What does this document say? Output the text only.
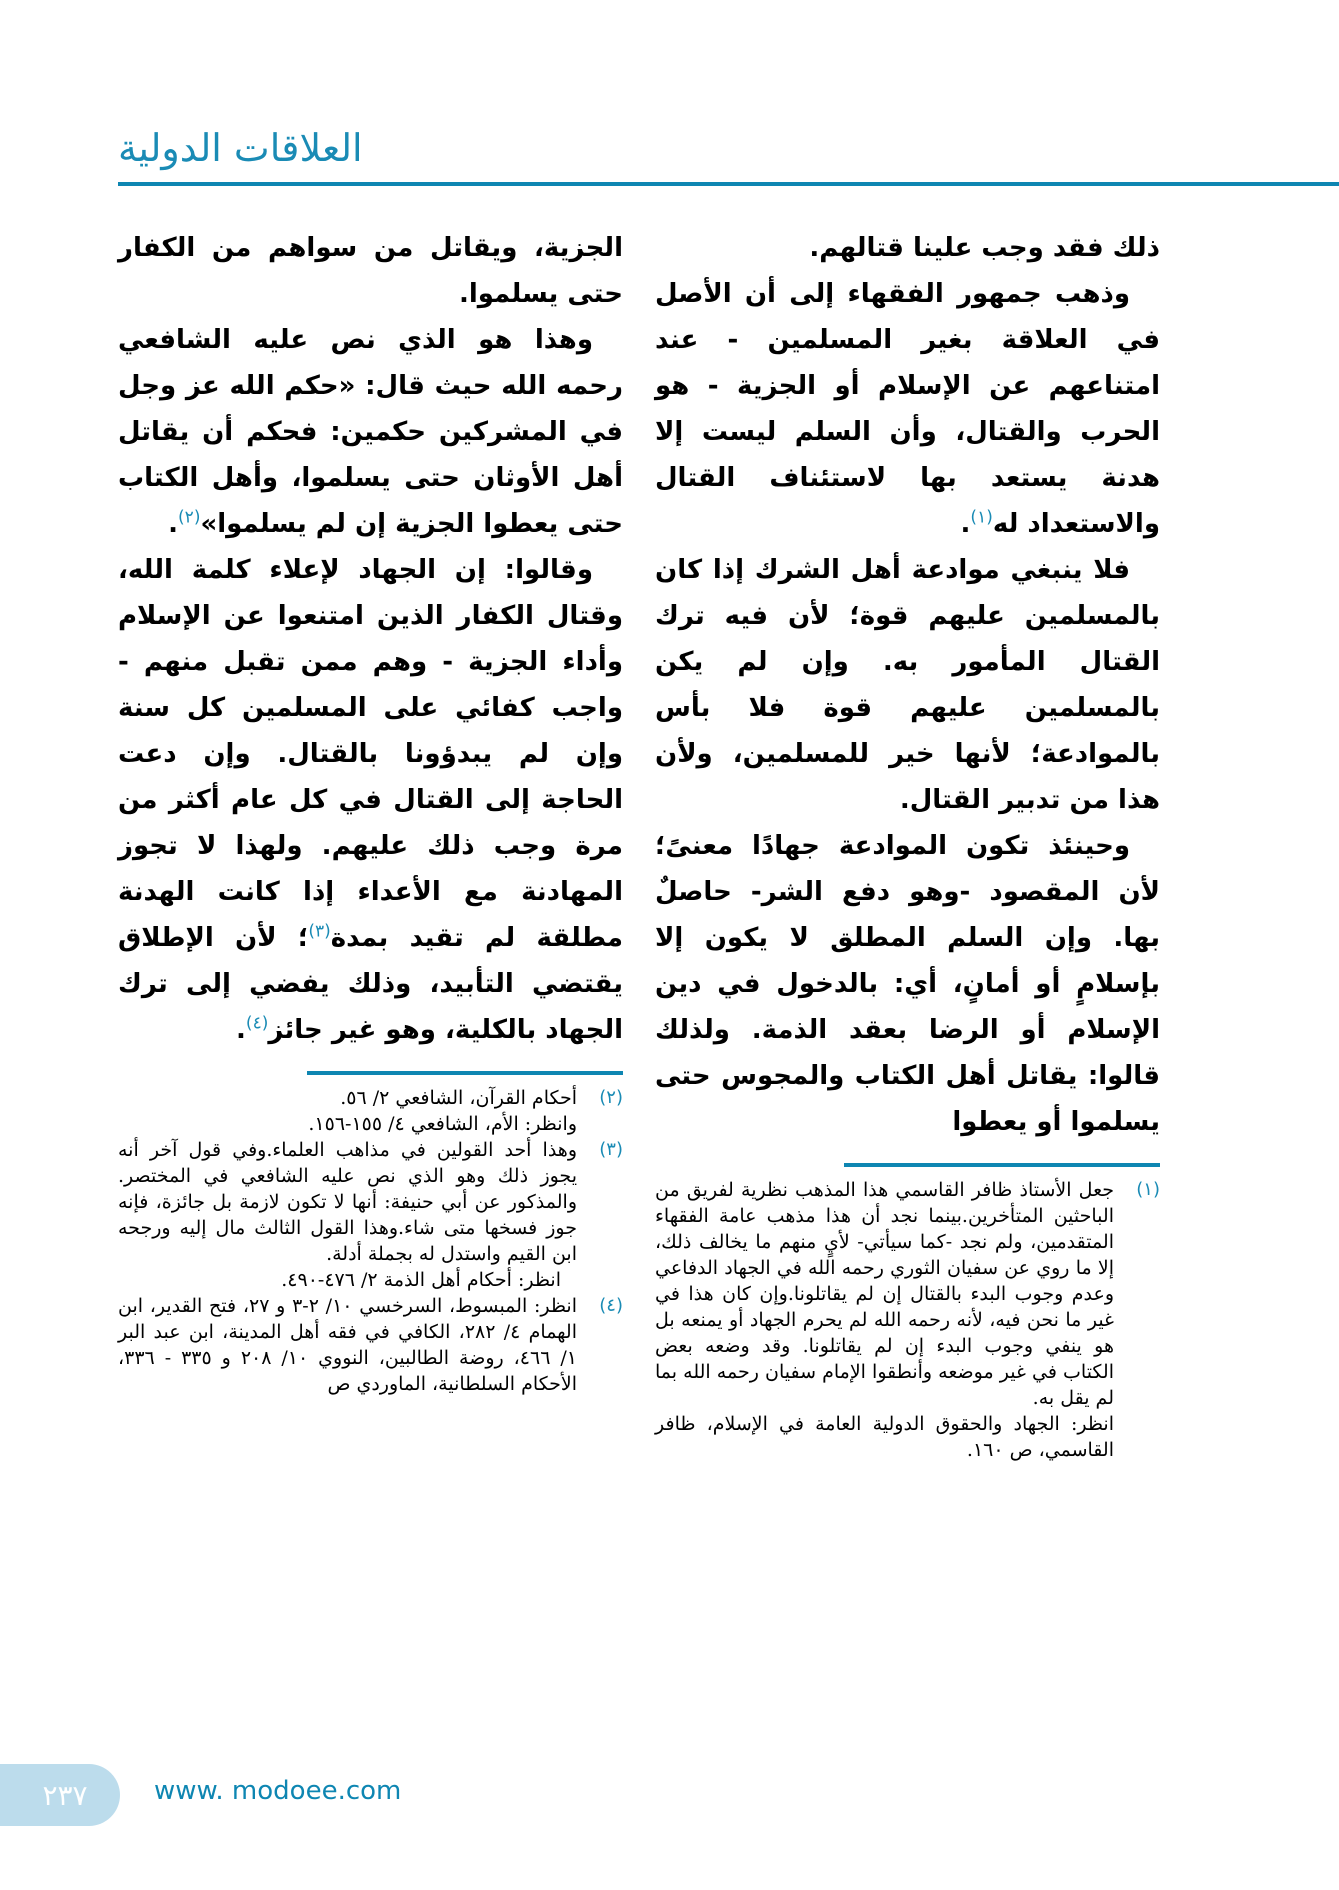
العلاقات الدولية

ذلك فقد وجب علينا قتالهم.

وذهب جمهور الفقهاء إلى أن الأصل في العلاقة بغير المسلمين - عند امتناعهم عن الإسلام أو الجزية - هو الحرب والقتال، وأن السلم ليست إلا هدنة يستعد بها لاستئناف القتال والاستعداد له$^{(١)}$.

فلا ينبغي موادعة أهل الشرك إذا كان بالمسلمين عليهم قوة؛ لأن فيه ترك القتال المأمور به. وإن لم يكن بالمسلمين عليهم قوة فلا بأس بالموادعة؛ لأنها خير للمسلمين، ولأن هذا من تدبير القتال.

وحينئذ تكون الموادعة جهادًا معنىً؛ لأن المقصود -وهو دفع الشر- حاصلٌ بها. وإن السلم المطلق لا يكون إلا بإسلامٍ أو أمانٍ، أي: بالدخول في دين الإسلام أو الرضا بعقد الذمة. ولذلك قالوا: يقاتل أهل الكتاب والمجوس حتى يسلموا أو يعطوا

(١)

جعل الأستاذ ظافر القاسمي هذا المذهب نظرية لفريق من الباحثين المتأخرين.بينما نجد أن هذا مذهب عامة الفقهاء المتقدمين، ولم نجد -كما سيأتي- لأيٍ منهم ما يخالف ذلك، إلا ما روي عن سفيان الثوري رحمه الله في الجهاد الدفاعي وعدم وجوب البدء بالقتال إن لم يقاتلونا.وإن كان هذا في غير ما نحن فيه، لأنه رحمه الله لم يحرم الجهاد أو يمنعه بل هو ينفي وجوب البدء إن لم يقاتلونا. وقد وضعه بعض الكتاب في غير موضعه وأنطقوا الإمام سفيان رحمه الله بما لم يقل به.

انظر: الجهاد والحقوق الدولية العامة في الإسلام، ظافر القاسمي، ص ١٦٠.

الجزية، ويقاتل من سواهم من الكفار حتى يسلموا.

وهذا هو الذي نص عليه الشافعي رحمه الله حيث قال: «حكم الله عز وجل في المشركين حكمين: فحكم أن يقاتل أهل الأوثان حتى يسلموا، وأهل الكتاب حتى يعطوا الجزية إن لم يسلموا»$^{(٢)}$.

وقالوا: إن الجهاد لإعلاء كلمة الله، وقتال الكفار الذين امتنعوا عن الإسلام وأداء الجزية - وهم ممن تقبل منهم - واجب كفائي على المسلمين كل سنة وإن لم يبدؤونا بالقتال. وإن دعت الحاجة إلى القتال في كل عام أكثر من مرة وجب ذلك عليهم. ولهذا لا تجوز المهادنة مع الأعداء إذا كانت الهدنة مطلقة لم تقيد بمدة$^{(٣)}$؛ لأن الإطلاق يقتضي التأبيد، وذلك يفضي إلى ترك الجهاد بالكلية، وهو غير جائز$^{(٤)}$.

(٢)

أحكام القرآن، الشافعي ٢/ ٥٦.

وانظر: الأم، الشافعي ٤/ ١٥٥-١٥٦.

(٣)

وهذا أحد القولين في مذاهب العلماء.وفي قول آخر أنه يجوز ذلك وهو الذي نص عليه الشافعي في المختصر. والمذكور عن أبي حنيفة: أنها لا تكون لازمة بل جائزة، فإنه جوز فسخها متى شاء.وهذا القول الثالث مال إليه ورجحه ابن القيم واستدل له بجملة أدلة.

انظر: أحكام أهل الذمة ٢/ ٤٧٦-٤٩٠.

(٤)

انظر: المبسوط، السرخسي ١٠/ ٢-٣ و ٢٧، فتح القدير، ابن الهمام ٤/ ٢٨٢، الكافي في فقه أهل المدينة، ابن عبد البر ١/ ٤٦٦، روضة الطالبين، النووي ١٠/ ٢٠٨ و ٣٣٥ - ٣٣٦، الأحكام السلطانية، الماوردي ص

٢٣٧	www. modoee.com
